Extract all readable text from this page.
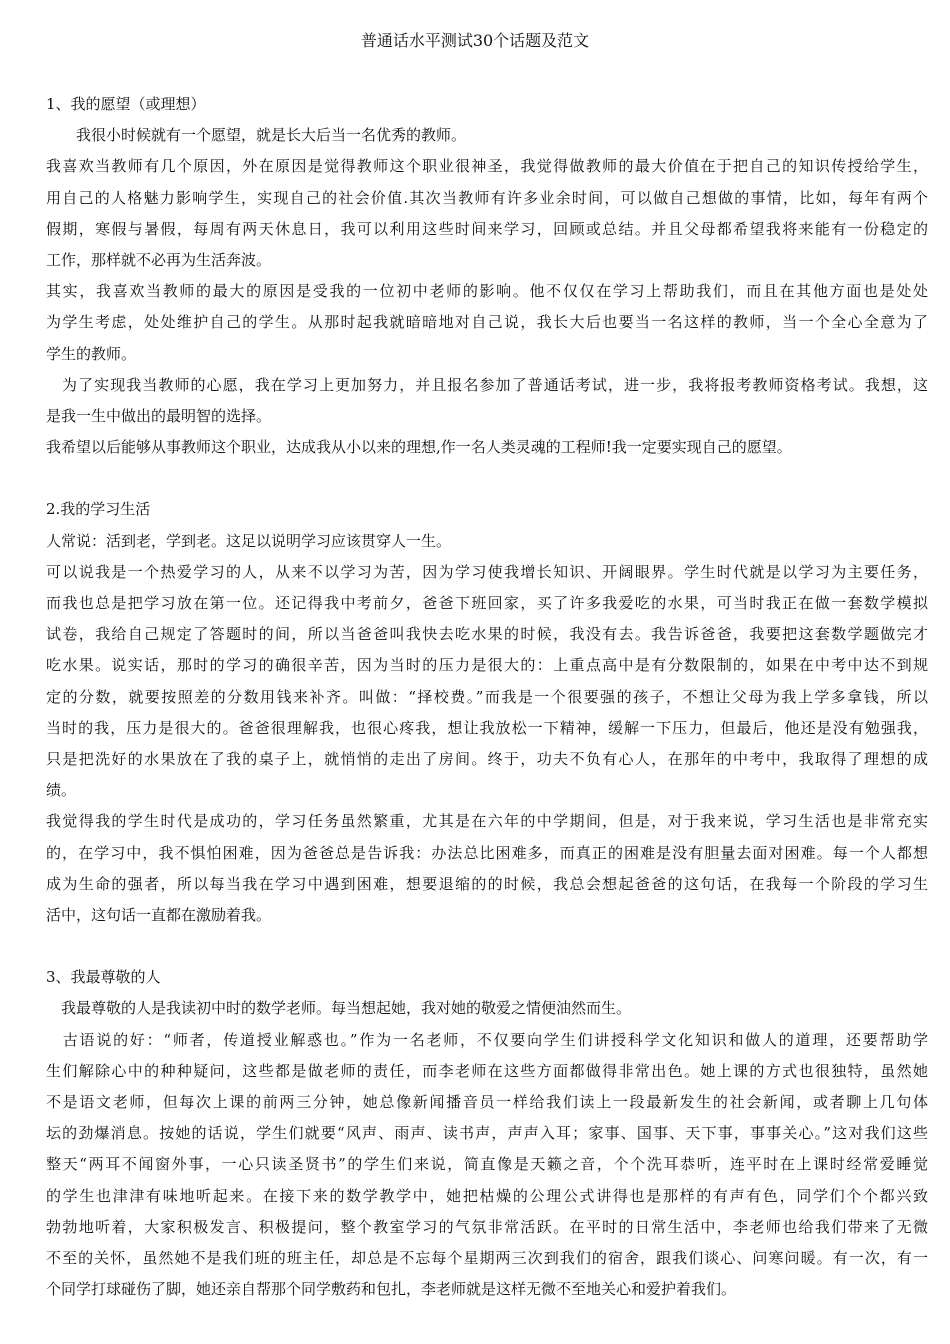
普通话水平测试30个话题及范文
1、我的愿望（或理想）
　　我很小时候就有一个愿望，就是长大后当一名优秀的教师。
我喜欢当教师有几个原因，外在原因是觉得教师这个职业很神圣，我觉得做教师的最大价值在于把自己的知识传授给学生，
用自己的人格魅力影响学生，实现自己的社会价值.其次当教师有许多业余时间，可以做自己想做的事情，比如，每年有两个
假期，寒假与暑假，每周有两天休息日，我可以利用这些时间来学习，回顾或总结。并且父母都希望我将来能有一份稳定的
工作，那样就不必再为生活奔波。
其实，我喜欢当教师的最大的原因是受我的一位初中老师的影响。他不仅仅在学习上帮助我们，而且在其他方面也是处处
为学生考虑，处处维护自己的学生。从那时起我就暗暗地对自己说，我长大后也要当一名这样的教师，当一个全心全意为了
学生的教师。
　为了实现我当教师的心愿，我在学习上更加努力，并且报名参加了普通话考试，进一步，我将报考教师资格考试。我想，这
是我一生中做出的最明智的选择。
我希望以后能够从事教师这个职业，达成我从小以来的理想,作一名人类灵魂的工程师!我一定要实现自己的愿望。
2.我的学习生活
人常说：活到老，学到老。这足以说明学习应该贯穿人一生。
可以说我是一个热爱学习的人，从来不以学习为苦，因为学习使我增长知识、开阔眼界。学生时代就是以学习为主要任务，
而我也总是把学习放在第一位。还记得我中考前夕，爸爸下班回家，买了许多我爱吃的水果，可当时我正在做一套数学模拟
试卷，我给自己规定了答题时的间，所以当爸爸叫我快去吃水果的时候，我没有去。我告诉爸爸，我要把这套数学题做完才
吃水果。说实话，那时的学习的确很辛苦，因为当时的压力是很大的：上重点高中是有分数限制的，如果在中考中达不到规
定的分数，就要按照差的分数用钱来补齐。叫做：“择校费。”而我是一个很要强的孩子，不想让父母为我上学多拿钱，所以
当时的我，压力是很大的。爸爸很理解我，也很心疼我，想让我放松一下精神，缓解一下压力，但最后，他还是没有勉强我，
只是把洗好的水果放在了我的桌子上，就悄悄的走出了房间。终于，功夫不负有心人，在那年的中考中，我取得了理想的成
绩。
我觉得我的学生时代是成功的，学习任务虽然繁重，尤其是在六年的中学期间，但是，对于我来说，学习生活也是非常充实
的，在学习中，我不惧怕困难，因为爸爸总是告诉我：办法总比困难多，而真正的困难是没有胆量去面对困难。每一个人都想
成为生命的强者，所以每当我在学习中遇到困难，想要退缩的的时候，我总会想起爸爸的这句话，在我每一个阶段的学习生
活中，这句话一直都在激励着我。
3、我最尊敬的人
　我最尊敬的人是我读初中时的数学老师。每当想起她，我对她的敬爱之情便油然而生。
　古语说的好：“师者，传道授业解惑也。”作为一名老师，不仅要向学生们讲授科学文化知识和做人的道理，还要帮助学
生们解除心中的种种疑问，这些都是做老师的责任，而李老师在这些方面都做得非常出色。她上课的方式也很独特，虽然她
不是语文老师，但每次上课的前两三分钟，她总像新闻播音员一样给我们读上一段最新发生的社会新闻，或者聊上几句体
坛的劲爆消息。按她的话说，学生们就要“风声、雨声、读书声，声声入耳；家事、国事、天下事，事事关心。”这对我们这些
整天“两耳不闻窗外事，一心只读圣贤书”的学生们来说，简直像是天籁之音，个个洗耳恭听，连平时在上课时经常爱睡觉
的学生也津津有味地听起来。在接下来的数学教学中，她把枯燥的公理公式讲得也是那样的有声有色，同学们个个都兴致
勃勃地听着，大家积极发言、积极提问，整个教室学习的气氛非常活跃。在平时的日常生活中，李老师也给我们带来了无微
不至的关怀，虽然她不是我们班的班主任，却总是不忘每个星期两三次到我们的宿舍，跟我们谈心、问寒问暖。有一次，有一
个同学打球碰伤了脚，她还亲自帮那个同学敷药和包扎，李老师就是这样无微不至地关心和爱护着我们。
